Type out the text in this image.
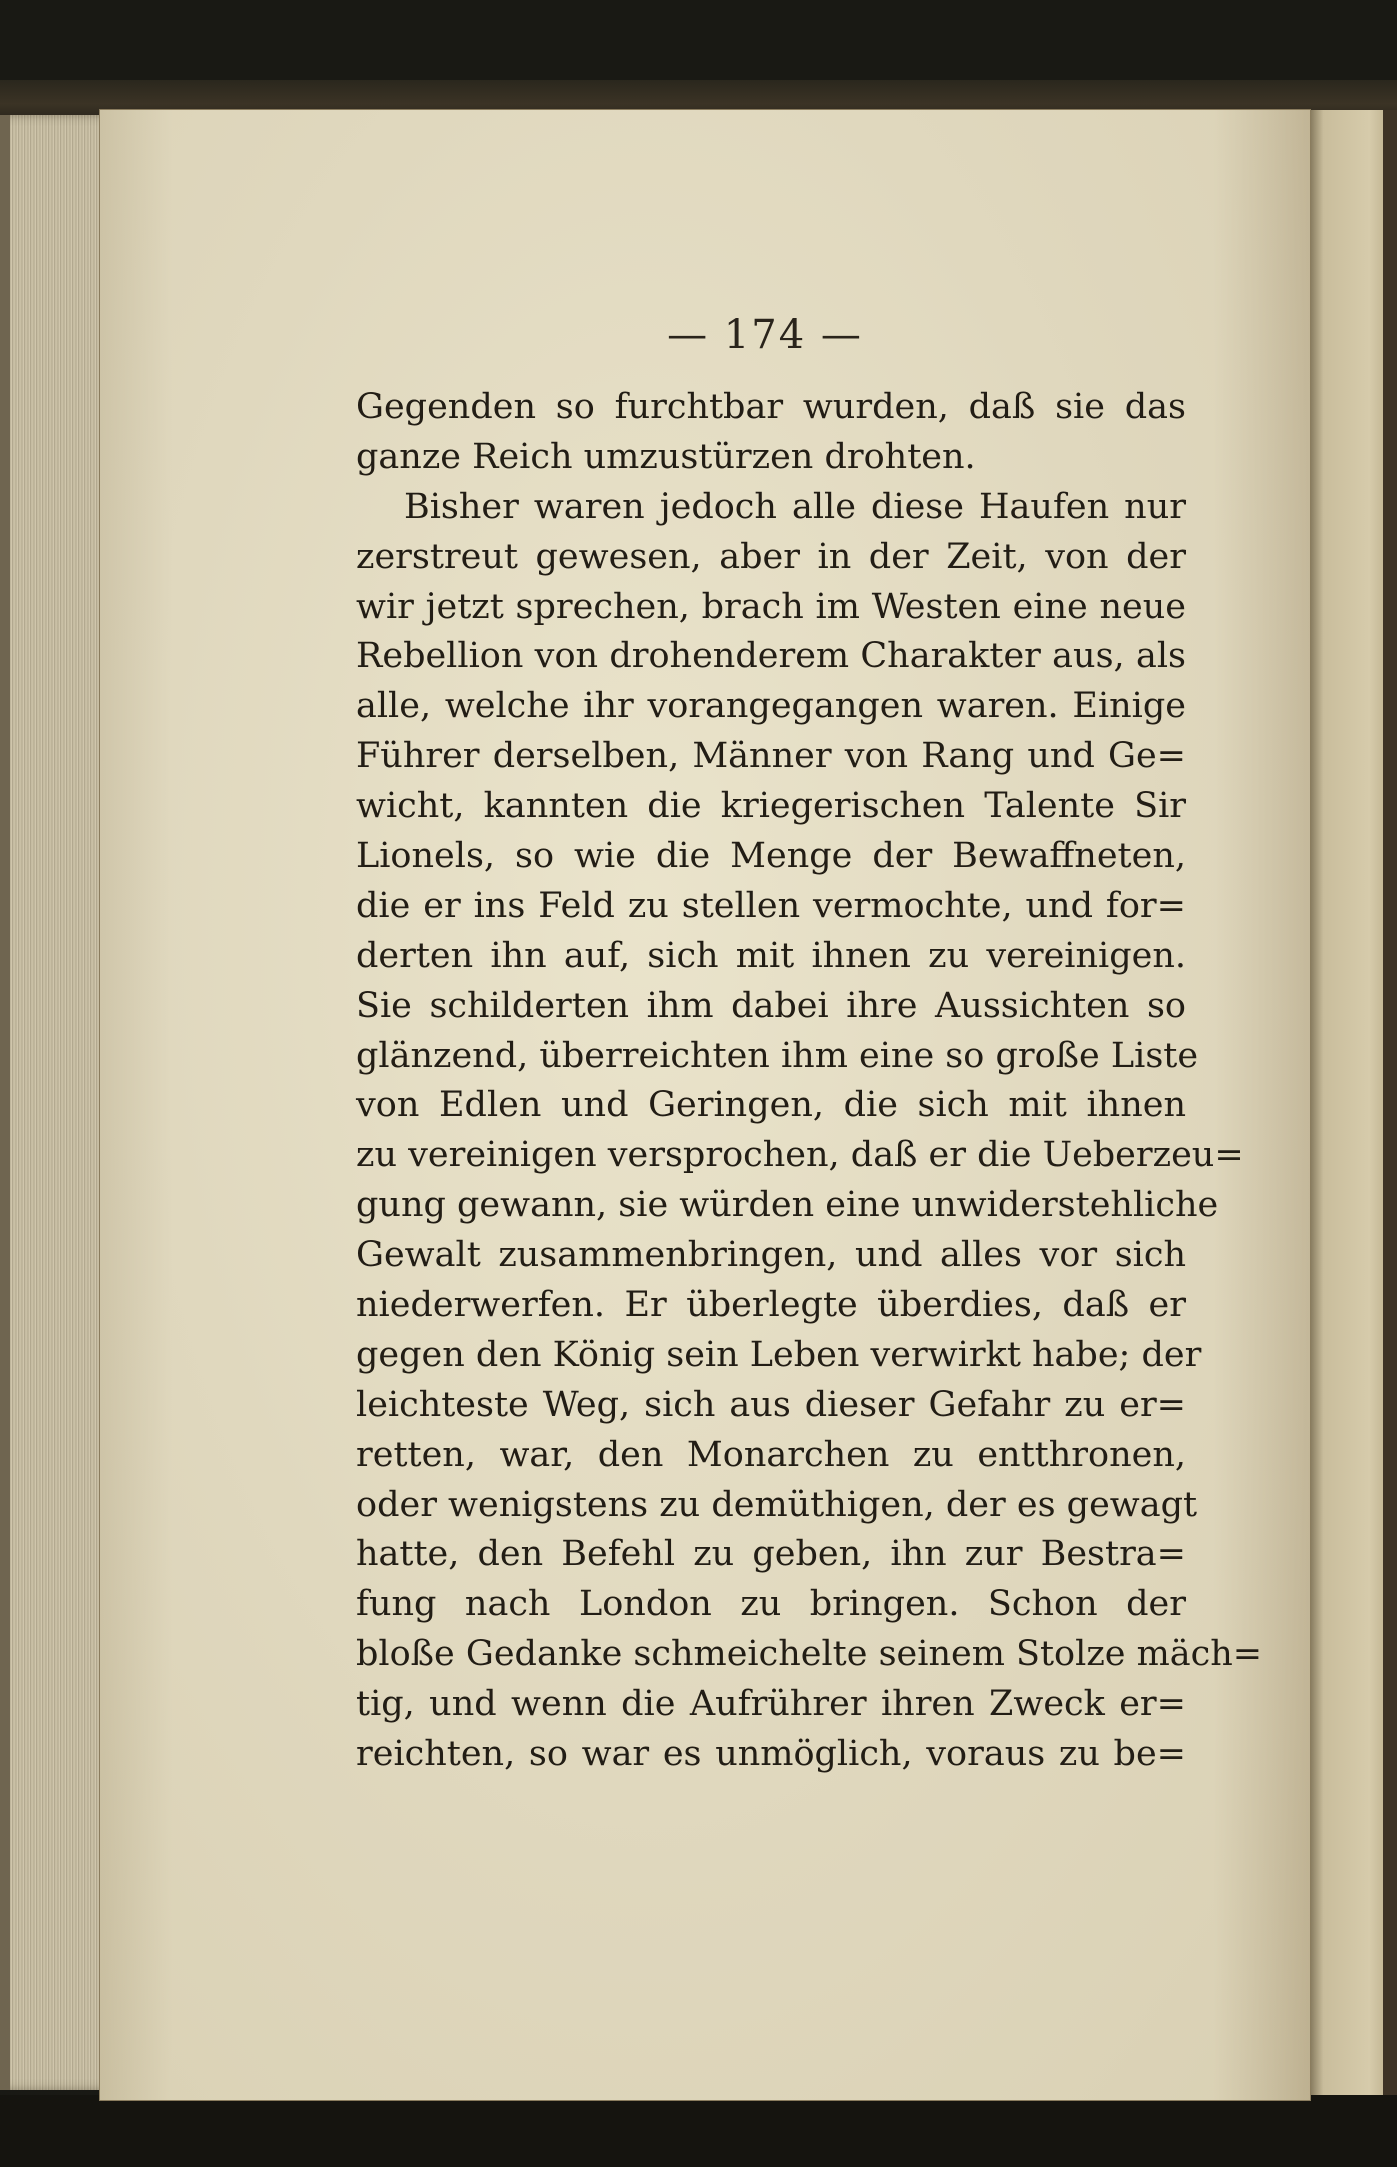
— 174 —
Gegenden so furchtbar wurden, daß sie das
ganze Reich umzustürzen drohten.
Bisher waren jedoch alle diese Haufen nur
zerstreut gewesen, aber in der Zeit, von der
wir jetzt sprechen, brach im Westen eine neue
Rebellion von drohenderem Charakter aus, als
alle, welche ihr vorangegangen waren. Einige
Führer derselben, Männer von Rang und Ge=
wicht, kannten die kriegerischen Talente Sir
Lionels, so wie die Menge der Bewaffneten,
die er ins Feld zu stellen vermochte, und for=
derten ihn auf, sich mit ihnen zu vereinigen.
Sie schilderten ihm dabei ihre Aussichten so
glänzend, überreichten ihm eine so große Liste
von Edlen und Geringen, die sich mit ihnen
zu vereinigen versprochen, daß er die Ueberzeu=
gung gewann, sie würden eine unwiderstehliche
Gewalt zusammenbringen, und alles vor sich
niederwerfen. Er überlegte überdies, daß er
gegen den König sein Leben verwirkt habe; der
leichteste Weg, sich aus dieser Gefahr zu er=
retten, war, den Monarchen zu entthronen,
oder wenigstens zu demüthigen, der es gewagt
hatte, den Befehl zu geben, ihn zur Bestra=
fung nach London zu bringen. Schon der
bloße Gedanke schmeichelte seinem Stolze mäch=
tig, und wenn die Aufrührer ihren Zweck er=
reichten, so war es unmöglich, voraus zu be=
